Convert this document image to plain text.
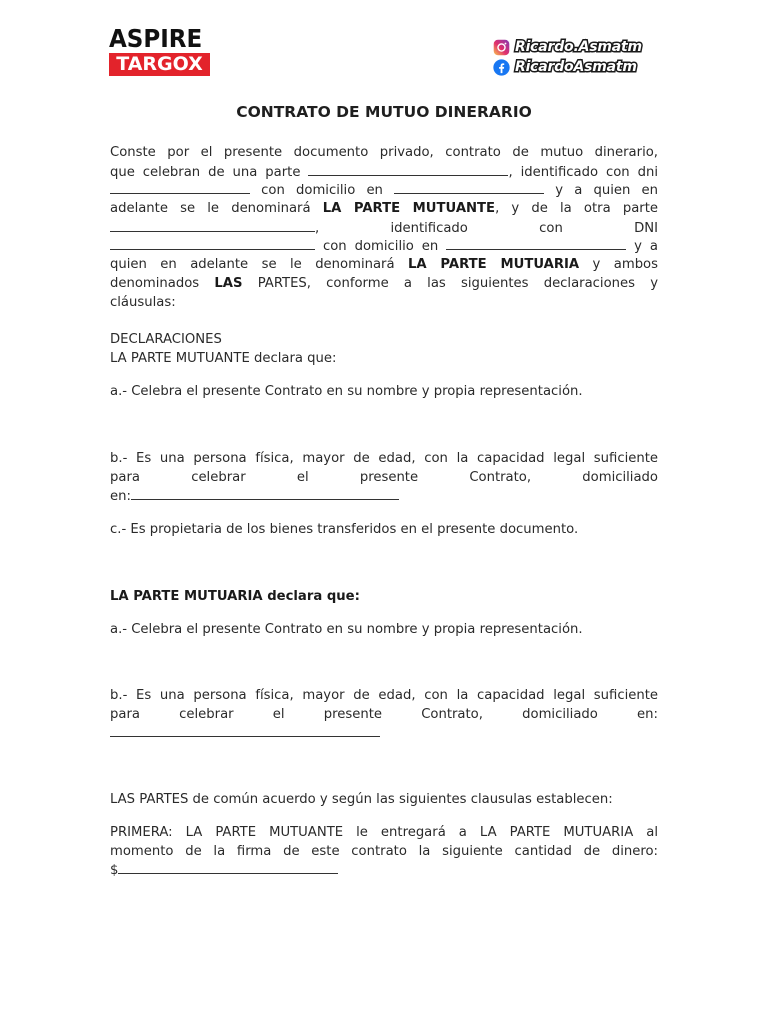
ASPIRE
TARGOX
Ricardo.Asmatm
RicardoAsmatm
CONTRATO DE MUTUO DINERARIO
Conste por el presente documento privado, contrato de mutuo dinerario,
que celebran de una parte	, identificado con dni
con domicilio en	y a quien en
adelante se le denominará LA PARTE MUTUANTE, y de la otra parte
,	identificado	con	DNI
con domicilio en	y a
quien en adelante se le denominará LA PARTE MUTUARIA y ambos
denominados LAS PARTES, conforme a las siguientes declaraciones y
cláusulas:
DECLARACIONES
LA PARTE MUTUANTE declara que:
a.- Celebra el presente Contrato en su nombre y propia representación.
b.- Es una persona física, mayor de edad, con la capacidad legal suficiente
para	celebrar	el	presente	Contrato,	domiciliado
en:
c.- Es propietaria de los bienes transferidos en el presente documento.
LA PARTE MUTUARIA declara que:
a.- Celebra el presente Contrato en su nombre y propia representación.
b.- Es una persona física, mayor de edad, con la capacidad legal suficiente
para	celebrar	el	presente	Contrato,	domiciliado	en:
LAS PARTES de común acuerdo y según las siguientes clausulas establecen:
PRIMERA: LA PARTE MUTUANTE le entregará a LA PARTE MUTUARIA al
momento de la firma de este contrato la siguiente cantidad de dinero:
$
